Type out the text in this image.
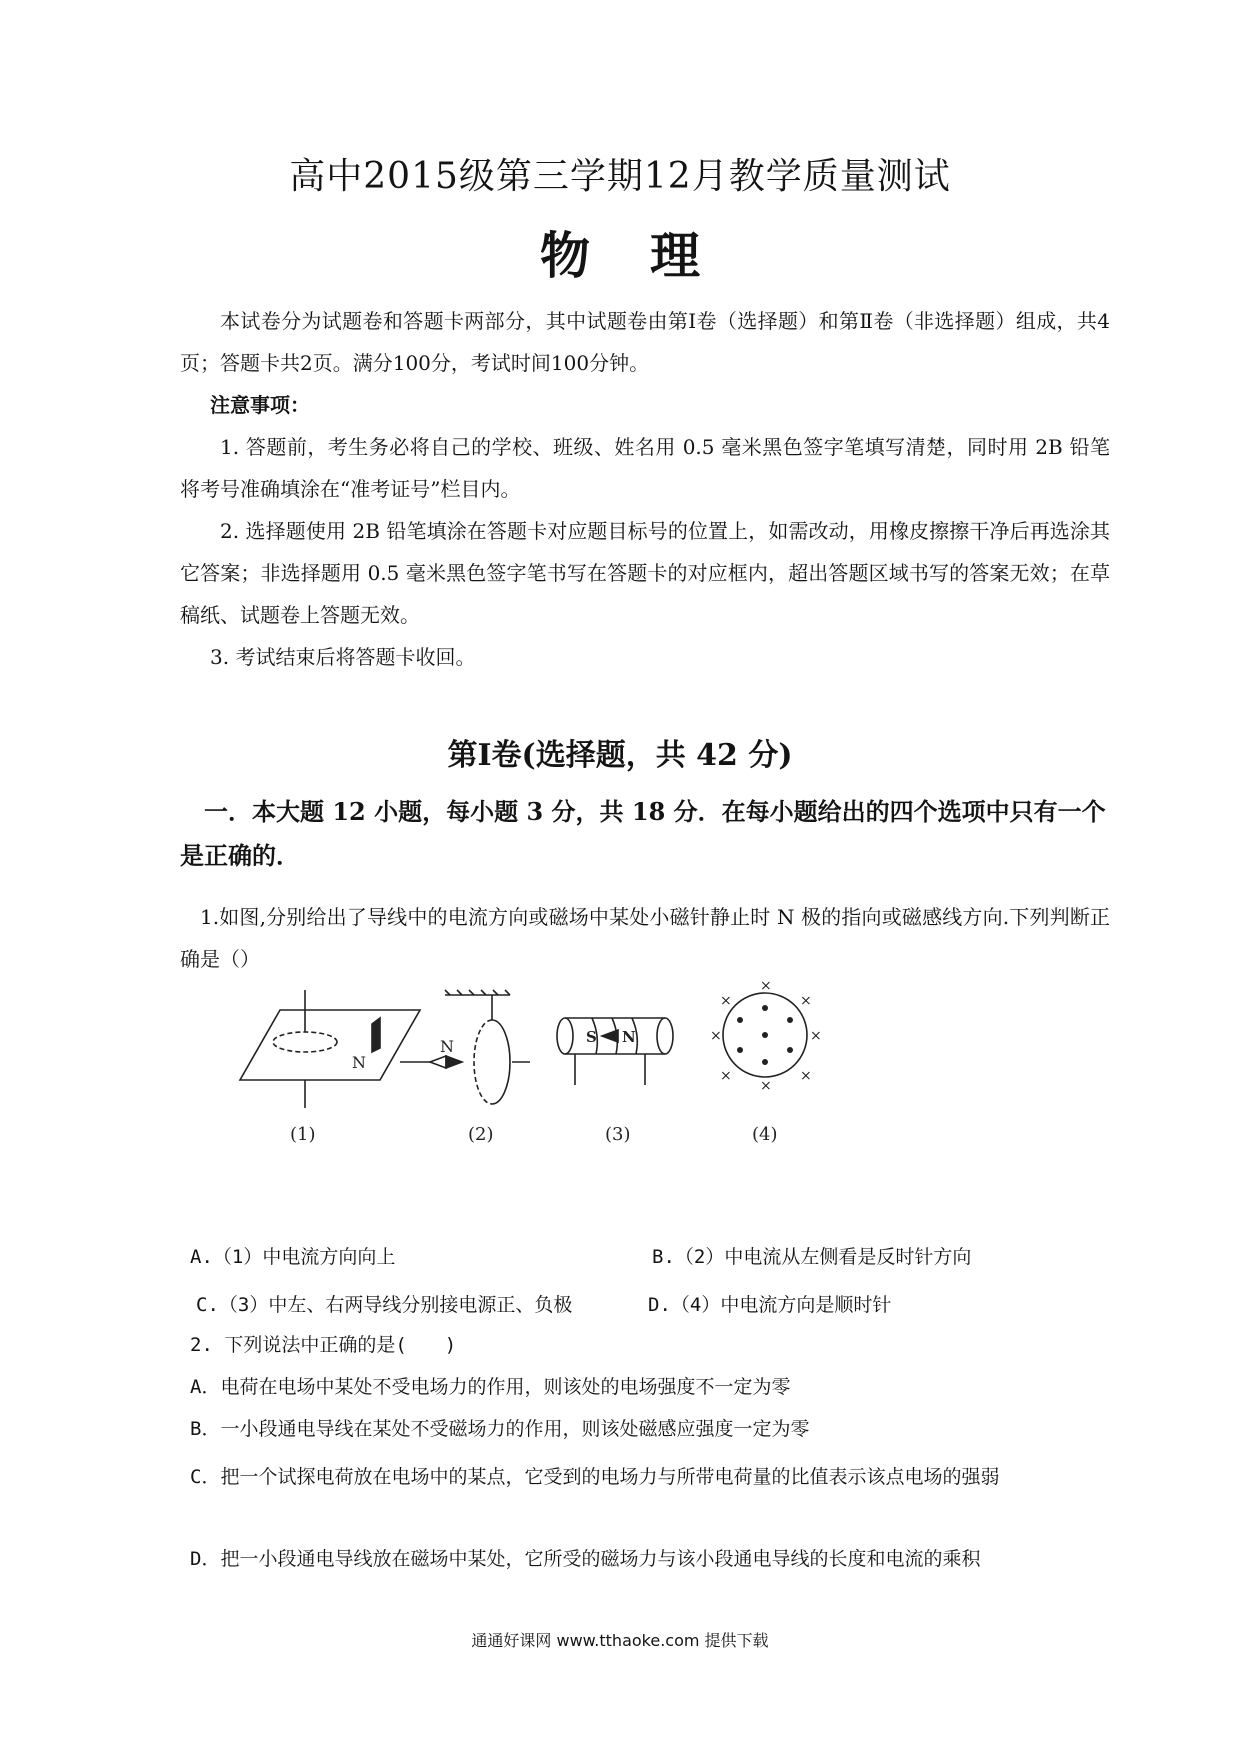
高中2015级第三学期12月教学质量测试
物理
本试卷分为试题卷和答题卡两部分，其中试题卷由第Ⅰ卷（选择题）和第Ⅱ卷（非选择题）组成，共4页；答题卡共2页。满分100分，考试时间100分钟。
注意事项：
1. 答题前，考生务必将自己的学校、班级、姓名用 0.5 毫米黑色签字笔填写清楚，同时用 2B 铅笔将考号准确填涂在“准考证号”栏目内。
2. 选择题使用 2B 铅笔填涂在答题卡对应题目标号的位置上，如需改动，用橡皮擦擦干净后再选涂其它答案；非选择题用 0.5 毫米黑色签字笔书写在答题卡的对应框内，超出答题区域书写的答案无效；在草稿纸、试题卷上答题无效。
3. 考试结束后将答题卡收回。
第Ⅰ卷(选择题，共 42 分)
一．本大题 12 小题，每小题 3 分，共 18 分．在每小题给出的四个选项中只有一个是正确的．
1.如图,分别给出了导线中的电流方向或磁场中某处小磁针静止时 N 极的指向或磁感线方向.下列判断正确是（）
N
N	S N
×
×
×	×
×	×
×	×
(1)	(2)	(3)	(4)
A.（1）中电流方向向上	B.（2）中电流从左侧看是反时针方向
C.（3）中左、右两导线分别接电源正、负极	D.（4）中电流方向是顺时针
2. 下列说法中正确的是(　　)
A．电荷在电场中某处不受电场力的作用，则该处的电场强度不一定为零
B．一小段通电导线在某处不受磁场力的作用，则该处磁感应强度一定为零
C．把一个试探电荷放在电场中的某点，它受到的电场力与所带电荷量的比值表示该点电场的强弱
D．把一小段通电导线放在磁场中某处，它所受的磁场力与该小段通电导线的长度和电流的乘积
通通好课网 www.tthaoke.com 提供下载
